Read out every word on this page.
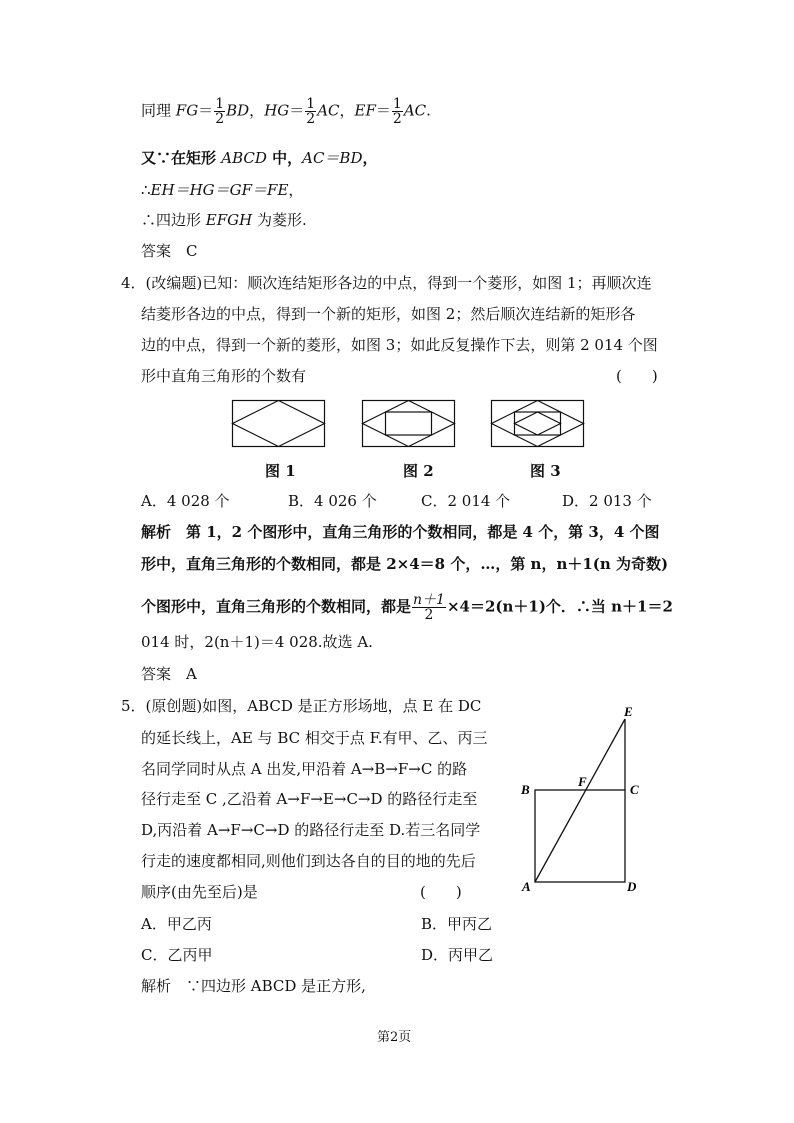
同理 $FG= \frac{1}{2}$ BD，$HG= \frac{1}{2}$ AC，$EF= \frac{1}{2}$ AC.
又∵在矩形 ABCD 中，AC＝BD，
∴EH＝HG＝GF＝FE，
∴四边形 EFGH 为菱形.
答案　C
4．(改编题)已知：顺次连结矩形各边的中点，得到一个菱形，如图 1；再顺次连
结菱形各边的中点，得到一个新的矩形，如图 2；然后顺次连结新的矩形各
边的中点，得到一个新的菱形，如图 3；如此反复操作下去，则第 2 014 个图
形中直角三角形的个数有	(　　)
图 1	图 2	图 3
A．4 028 个	B．4 026 个	C．2 014 个	D．2 013 个
解析　第 1，2 个图形中，直角三角形的个数相同，都是 4 个，第 3，4 个图
形中，直角三角形的个数相同，都是 2×4＝8 个，…，第 n，n＋1(n 为奇数)
个图形中，直角三角形的个数相同，都是 $\frac{n+1}{2} \times 4=2(n+1)$个．∴当 n＋1＝2
014 时，2(n＋1)＝4 028.故选 A.
答案　A
5．(原创题)如图，ABCD 是正方形场地，点 E 在 DC
的延长线上，AE 与 BC 相交于点 F.有甲、乙、丙三
名同学同时从点 A 出发,甲沿着 A→B→F→C 的路
径行走至 C ,乙沿着 A→F→E→C→D 的路径行走至
D,丙沿着 A→F→C→D 的路径行走至 D.若三名同学
行走的速度都相同,则他们到达各自的目的地的先后
顺序(由先至后)是	(　　)
A．甲乙丙	B．甲丙乙
C．乙丙甲	D．丙甲乙
解析　∵四边形 ABCD 是正方形,
E
F
B	C
A	D
第2页
